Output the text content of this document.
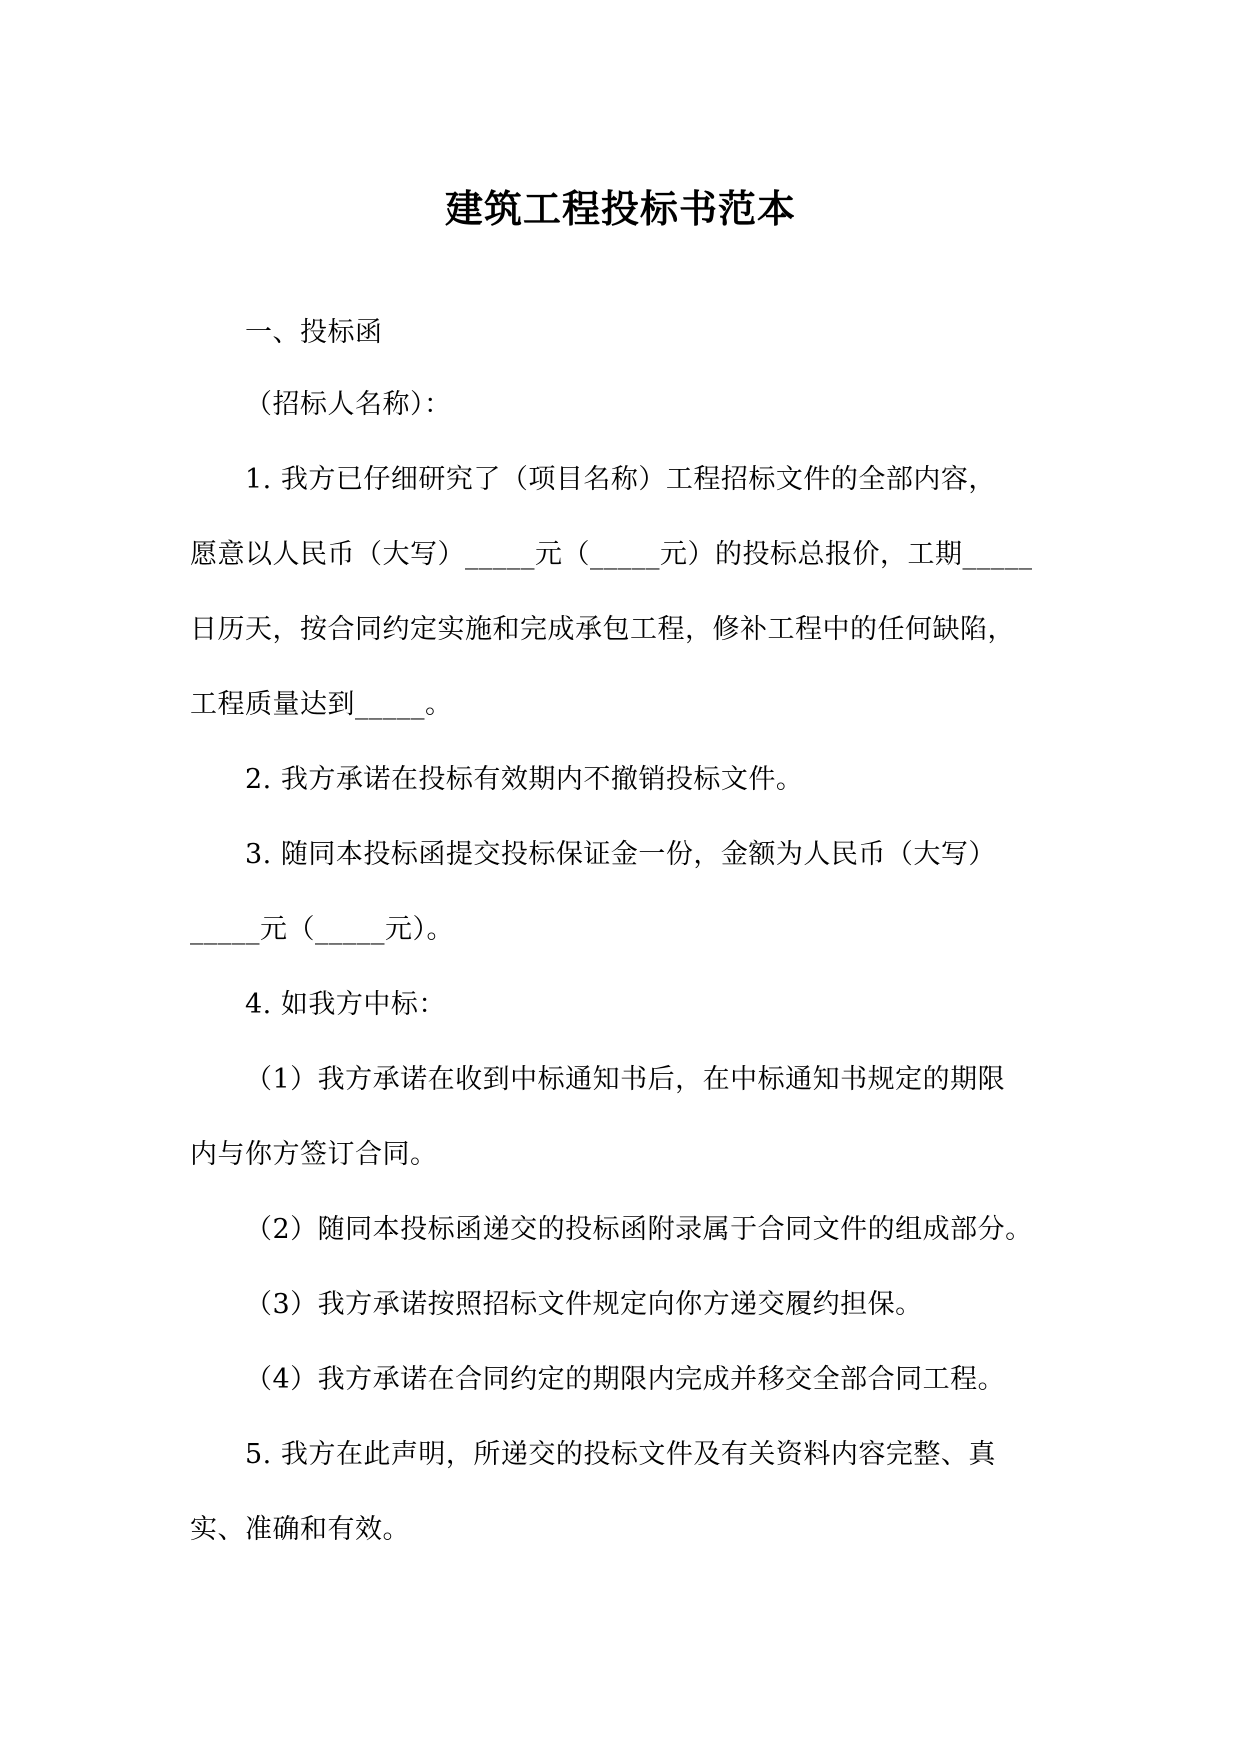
建筑工程投标书范本
一、投标函
（招标人名称）：
1. 我方已仔细研究了（项目名称）工程招标文件的全部内容，
愿意以人民币（大写）_____元（_____元）的投标总报价，工期_____
日历天，按合同约定实施和完成承包工程，修补工程中的任何缺陷，
工程质量达到_____。
2. 我方承诺在投标有效期内不撤销投标文件。
3. 随同本投标函提交投标保证金一份，金额为人民币（大写）
_____元（_____元）。
4. 如我方中标：
（1）我方承诺在收到中标通知书后，在中标通知书规定的期限
内与你方签订合同。
（2）随同本投标函递交的投标函附录属于合同文件的组成部分。
（3）我方承诺按照招标文件规定向你方递交履约担保。
（4）我方承诺在合同约定的期限内完成并移交全部合同工程。
5. 我方在此声明，所递交的投标文件及有关资料内容完整、真
实、准确和有效。
